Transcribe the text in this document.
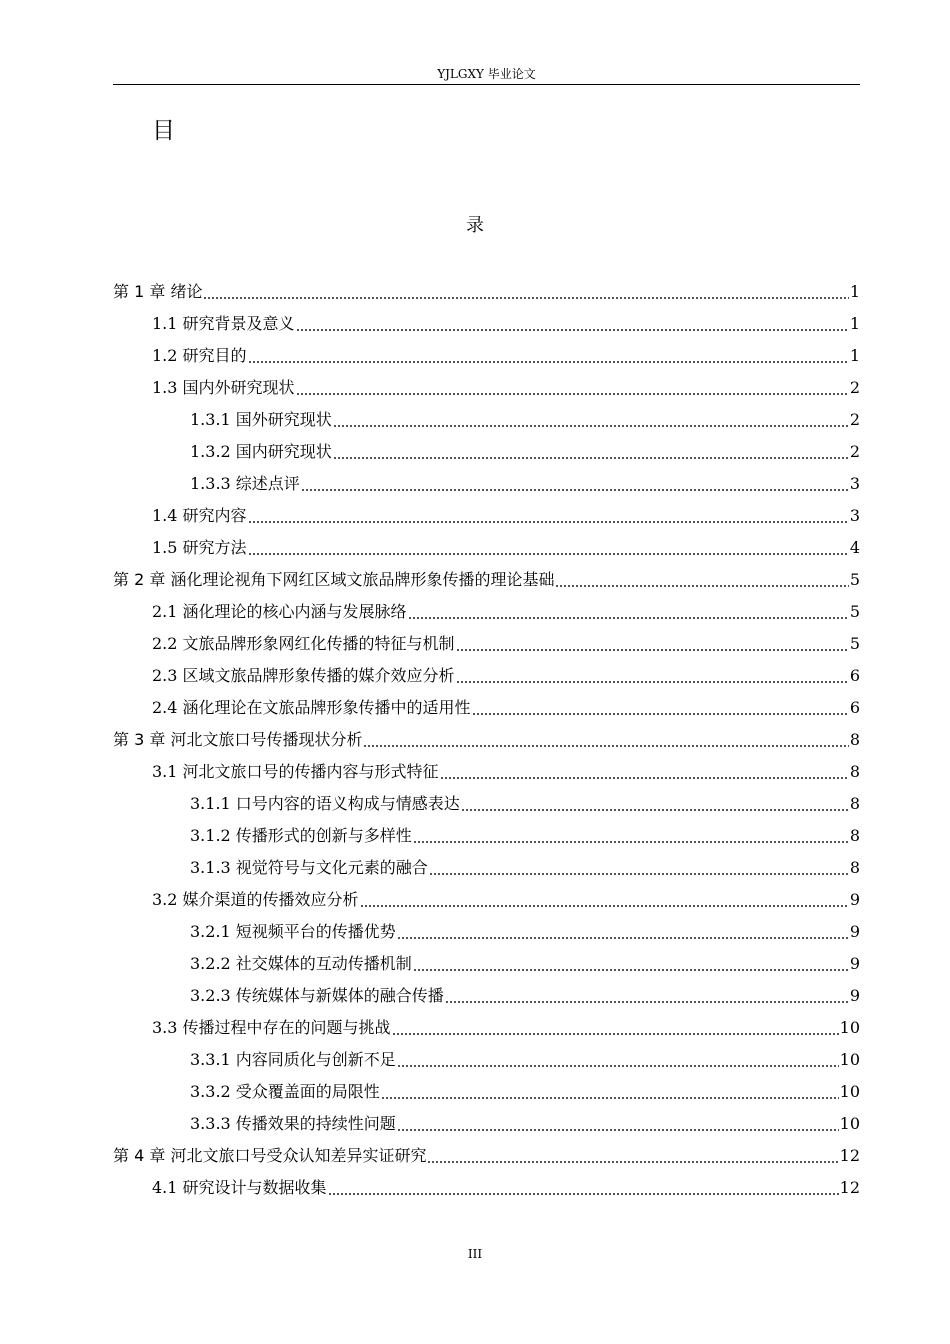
YJLGXY 毕业论文
目
录
第 1 章 绪论	1
1.1 研究背景及意义	1
1.2 研究目的	1
1.3 国内外研究现状	2
1.3.1 国外研究现状	2
1.3.2 国内研究现状	2
1.3.3 综述点评	3
1.4 研究内容	3
1.5 研究方法	4
第 2 章 涵化理论视角下网红区域文旅品牌形象传播的理论基础	5
2.1 涵化理论的核心内涵与发展脉络	5
2.2 文旅品牌形象网红化传播的特征与机制	5
2.3 区域文旅品牌形象传播的媒介效应分析	6
2.4 涵化理论在文旅品牌形象传播中的适用性	6
第 3 章 河北文旅口号传播现状分析	8
3.1 河北文旅口号的传播内容与形式特征	8
3.1.1 口号内容的语义构成与情感表达	8
3.1.2 传播形式的创新与多样性	8
3.1.3 视觉符号与文化元素的融合	8
3.2 媒介渠道的传播效应分析	9
3.2.1 短视频平台的传播优势	9
3.2.2 社交媒体的互动传播机制	9
3.2.3 传统媒体与新媒体的融合传播	9
3.3 传播过程中存在的问题与挑战	10
3.3.1 内容同质化与创新不足	10
3.3.2 受众覆盖面的局限性	10
3.3.3 传播效果的持续性问题	10
第 4 章 河北文旅口号受众认知差异实证研究	12
4.1 研究设计与数据收集	12
III
